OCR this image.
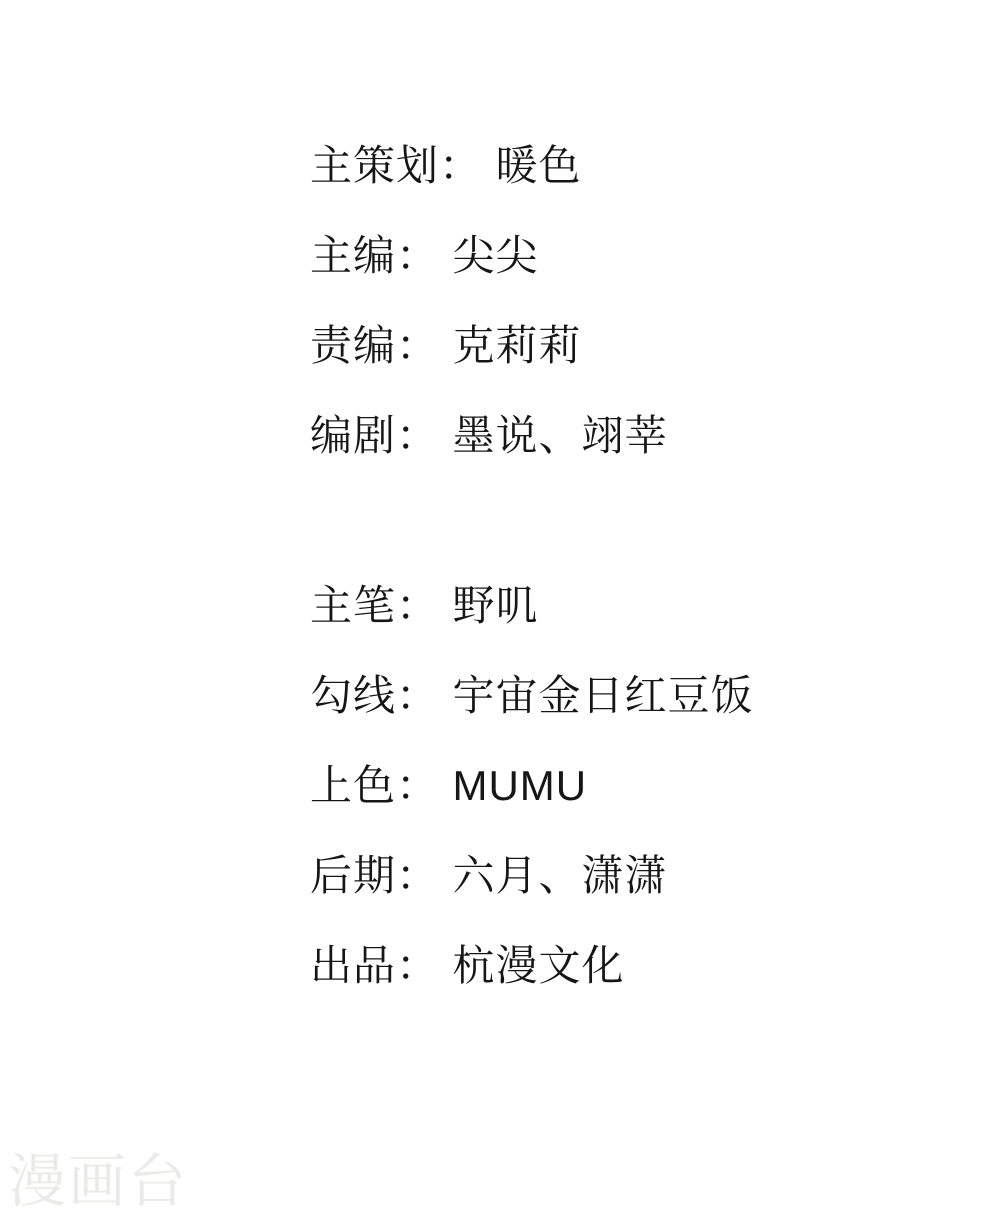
主策划： 暖色
主编： 尖尖
责编： 克莉莉
编剧： 墨说、翊莘
主笔： 野叽
勾线： 宇宙金日红豆饭
上色： MUMU
后期： 六月、潇潇
出品： 杭漫文化
漫画台
